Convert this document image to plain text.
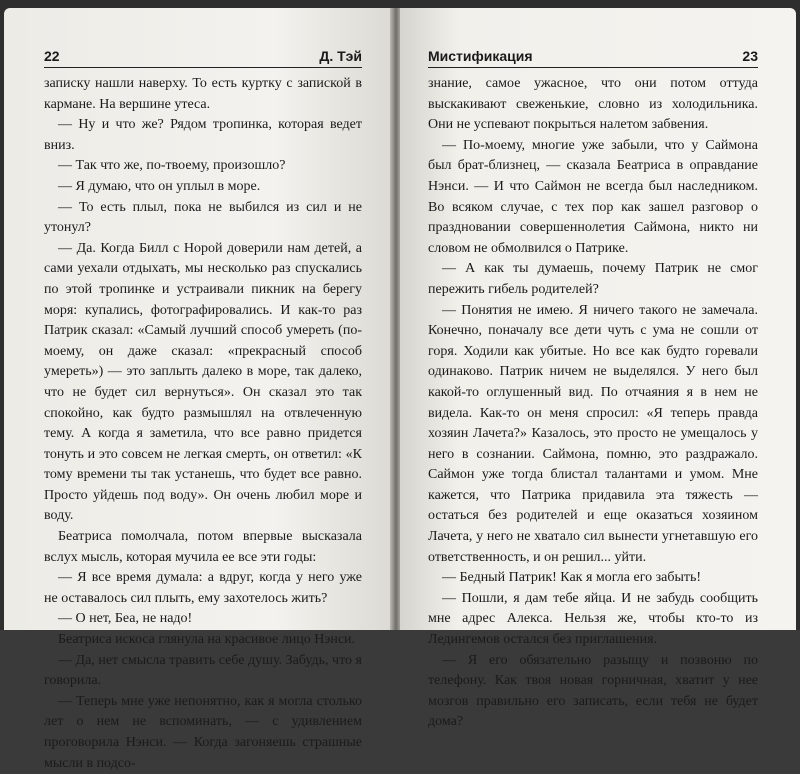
22	Д. Тэй

записку нашли наверху. То есть куртку с запиской в кармане. На вершине утеса.

— Ну и что же? Рядом тропинка, которая ведет вниз.

— Так что же, по-твоему, произошло?

— Я думаю, что он уплыл в море.

— То есть плыл, пока не выбился из сил и не утонул?

— Да. Когда Билл с Норой доверили нам детей, а сами уехали отдыхать, мы несколько раз спускались по этой тропинке и устраивали пикник на берегу моря: купались, фотографировались. И как-то раз Патрик сказал: «Самый лучший способ умереть (по-моему, он даже сказал: «прекрасный способ умереть») — это заплыть далеко в море, так далеко, что не будет сил вернуться». Он сказал это так спокойно, как будто размышлял на отвлеченную тему. А когда я заметила, что все равно придется тонуть и это совсем не легкая смерть, он ответил: «К тому времени ты так устанешь, что будет все равно. Просто уйдешь под воду». Он очень любил море и воду.

Беатриса помолчала, потом впервые высказала вслух мысль, которая мучила ее все эти годы:

— Я все время думала: а вдруг, когда у него уже не оставалось сил плыть, ему захотелось жить?

— О нет, Беа, не надо!

Беатриса искоса глянула на красивое лицо Нэнси.

— Да, нет смысла травить себе душу. Забудь, что я говорила.

— Теперь мне уже непонятно, как я могла столько лет о нем не вспоминать, — с удивлением проговорила Нэнси. — Когда загоняешь страшные мысли в подсо-

Мистификация	23

знание, самое ужасное, что они потом оттуда выскакивают свеженькие, словно из холодильника. Они не успевают покрыться налетом забвения.

— По-моему, многие уже забыли, что у Саймона был брат-близнец, — сказала Беатриса в оправдание Нэнси. — И что Саймон не всегда был наследником. Во всяком случае, с тех пор как зашел разговор о праздновании совершеннолетия Саймона, никто ни словом не обмолвился о Патрике.

— А как ты думаешь, почему Патрик не смог пережить гибель родителей?

— Понятия не имею. Я ничего такого не замечала. Конечно, поначалу все дети чуть с ума не сошли от горя. Ходили как убитые. Но все как будто горевали одинаково. Патрик ничем не выделялся. У него был какой-то оглушенный вид. По отчаяния я в нем не видела. Как-то он меня спросил: «Я теперь правда хозяин Лачета?» Казалось, это просто не умещалось у него в сознании. Саймона, помню, это раздражало. Саймон уже тогда блистал талантами и умом. Мне кажется, что Патрика придавила эта тяжесть — остаться без родителей и еще оказаться хозяином Лачета, у него не хватало сил вынести угнетавшую его ответственность, и он решил... уйти.

— Бедный Патрик! Как я могла его забыть!

— Пошли, я дам тебе яйца. И не забудь сообщить мне адрес Алекса. Нельзя же, чтобы кто-то из Ледингемов остался без приглашения.

— Я его обязательно разыщу и позвоню по телефону. Как твоя новая горничная, хватит у нее мозгов правильно его записать, если тебя не будет дома?
